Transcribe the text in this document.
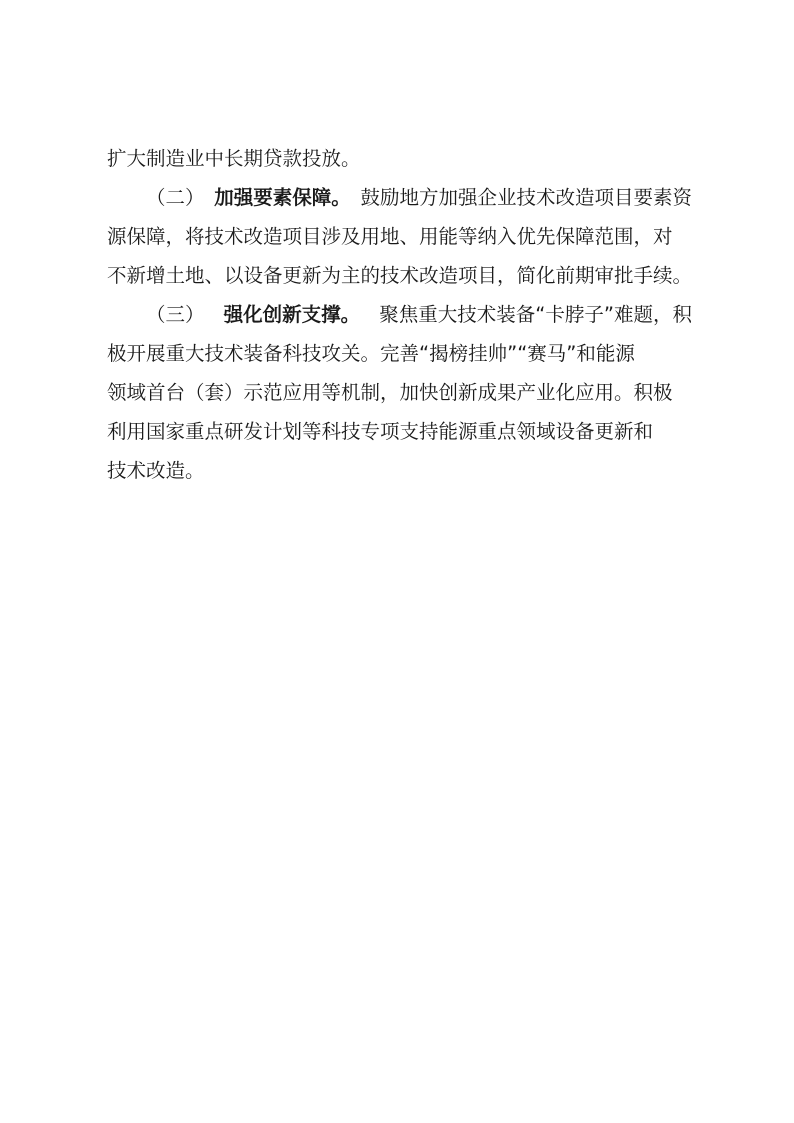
扩大制造业中长期贷款投放。
（二） 加强要素保障。 鼓励地方加强企业技术改造项目要素资
源保障，将技术改造项目涉及用地、用能等纳入优先保障范围，对
不新增土地、以设备更新为主的技术改造项目，简化前期审批手续。
（三） 强化创新支撑。 聚焦重大技术装备“卡脖子”难题，积
极开展重大技术装备科技攻关。完善“揭榜挂帅”“赛马”和能源
领域首台（套）示范应用等机制，加快创新成果产业化应用。积极
利用国家重点研发计划等科技专项支持能源重点领域设备更新和
技术改造。
